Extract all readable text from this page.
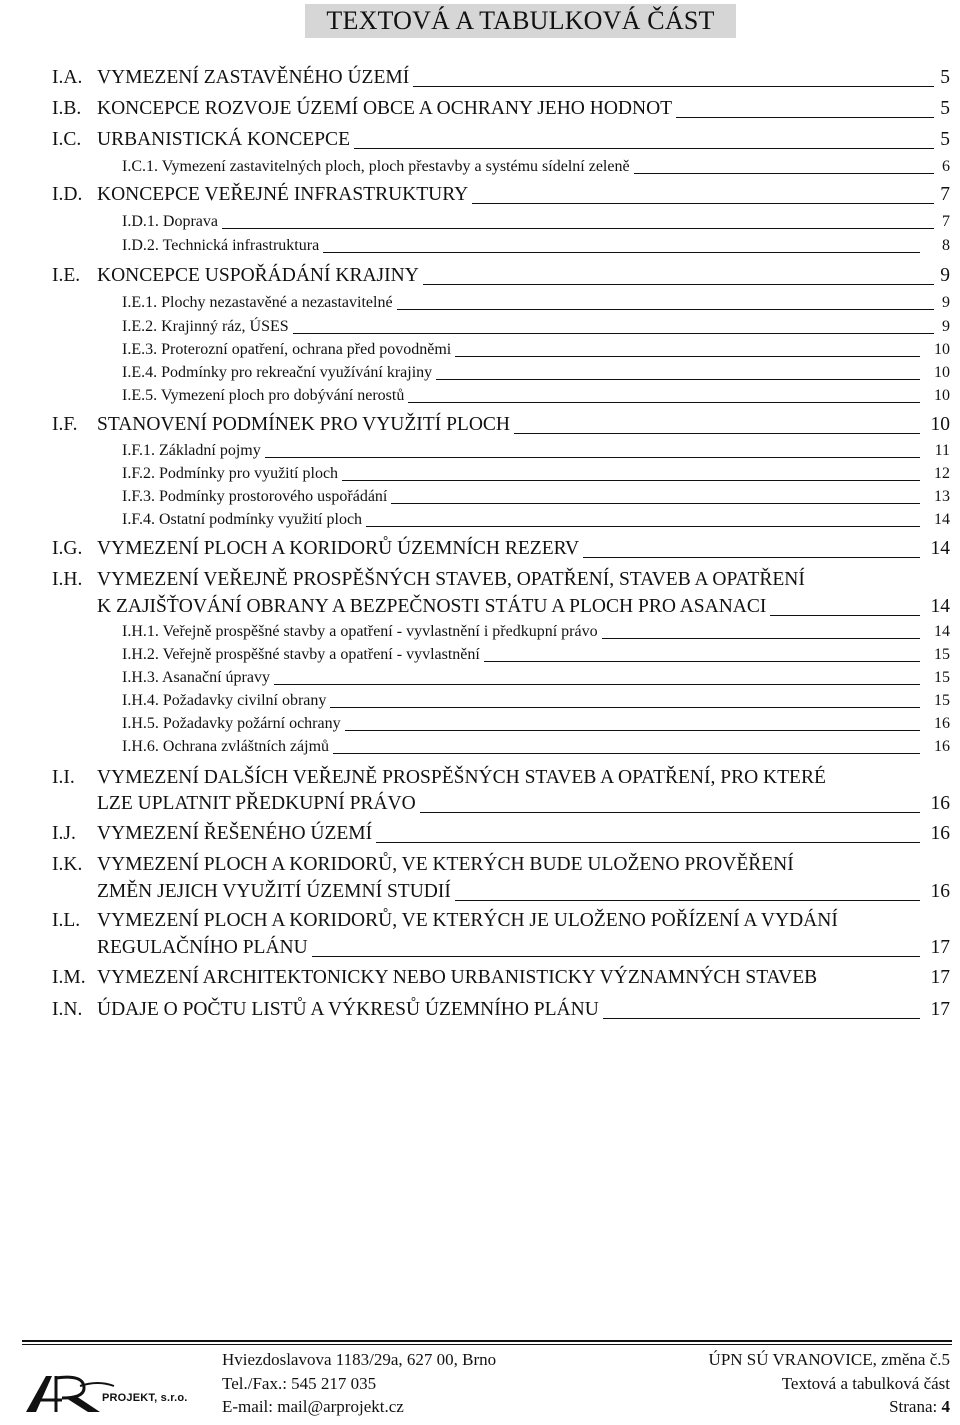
TEXTOVÁ A TABULKOVÁ ČÁST
I.A. VYMEZENÍ ZASTAVĚNÉHO ÚZEMÍ	5
I.B. KONCEPCE ROZVOJE ÚZEMÍ OBCE A OCHRANY JEHO HODNOT	5
I.C. URBANISTICKÁ KONCEPCE	5
I.C.1. Vymezení zastavitelných ploch, ploch přestavby a systému sídelní zeleně	6
I.D. KONCEPCE VEŘEJNÉ INFRASTRUKTURY	7
I.D.1. Doprava	7
I.D.2. Technická infrastruktura	8
I.E. KONCEPCE USPOŘÁDÁNÍ KRAJINY	9
I.E.1. Plochy nezastavěné a nezastavitelné	9
I.E.2. Krajinný ráz, ÚSES	9
I.E.3. Proterozní opatření, ochrana před povodněmi	10
I.E.4. Podmínky pro rekreační využívání krajiny	10
I.E.5. Vymezení ploch pro dobývání nerostů	10
I.F. STANOVENÍ PODMÍNEK PRO VYUŽITÍ PLOCH	10
I.F.1. Základní pojmy	11
I.F.2. Podmínky pro využití ploch	12
I.F.3. Podmínky prostorového uspořádání	13
I.F.4. Ostatní podmínky využití ploch	14
I.G. VYMEZENÍ PLOCH A KORIDORŮ ÚZEMNÍCH REZERV	14
I.H. VYMEZENÍ VEŘEJNĚ PROSPĚŠNÝCH STAVEB, OPATŘENÍ, STAVEB A OPATŘENÍ
K ZAJIŠŤOVÁNÍ OBRANY A BEZPEČNOSTI STÁTU A PLOCH PRO ASANACI	14
I.H.1. Veřejně prospěšné stavby a opatření - vyvlastnění i předkupní právo	14
I.H.2. Veřejně prospěšné stavby a opatření - vyvlastnění	15
I.H.3. Asanační úpravy	15
I.H.4. Požadavky civilní obrany	15
I.H.5. Požadavky požární ochrany	16
I.H.6. Ochrana zvláštních zájmů	16
I.I. VYMEZENÍ DALŠÍCH VEŘEJNĚ PROSPĚŠNÝCH STAVEB A OPATŘENÍ, PRO KTERÉ
LZE UPLATNIT PŘEDKUPNÍ PRÁVO	16
I.J. VYMEZENÍ ŘEŠENÉHO ÚZEMÍ	16
I.K. VYMEZENÍ PLOCH A KORIDORŮ, VE KTERÝCH BUDE ULOŽENO PROVĚŘENÍ
ZMĚN JEJICH VYUŽITÍ ÚZEMNÍ STUDIÍ	16
I.L. VYMEZENÍ PLOCH A KORIDORŮ, VE KTERÝCH JE ULOŽENO POŘÍZENÍ A VYDÁNÍ
REGULAČNÍHO PLÁNU	17
I.M. VYMEZENÍ ARCHITEKTONICKY NEBO URBANISTICKY VÝZNAMNÝCH STAVEB	17
I.N. ÚDAJE O POČTU LISTŮ A VÝKRESŮ ÚZEMNÍHO PLÁNU	17
PROJEKT, s.r.o.
Hviezdoslavova 1183/29a, 627 00, Brno
Tel./Fax.: 545 217 035
E-mail: mail@arprojekt.cz
ÚPN SÚ VRANOVICE, změna č.5
Textová a tabulková část
Strana: 4
